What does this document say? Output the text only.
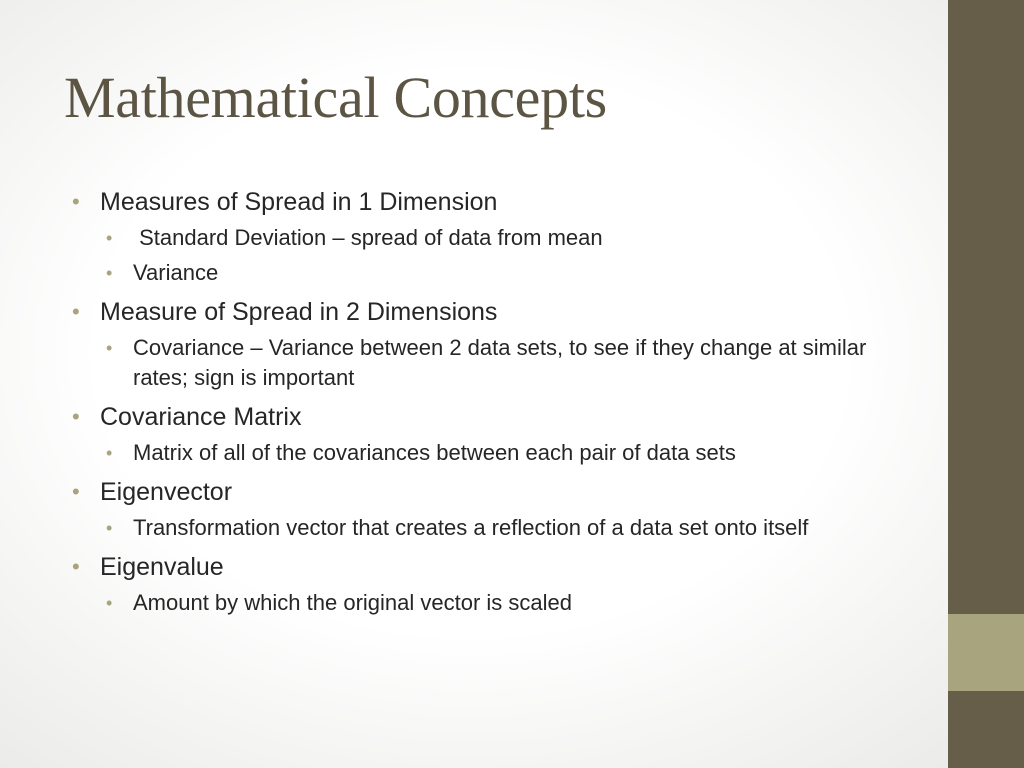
Mathematical Concepts
• Measures of Spread in 1 Dimension
•  Standard Deviation – spread of data from mean
• Variance
• Measure of Spread in 2 Dimensions
• Covariance – Variance between 2 data sets, to see if they change at similar rates; sign is important
• Covariance Matrix
• Matrix of all of the covariances between each pair of data sets
• Eigenvector
• Transformation vector that creates a reflection of a data set onto itself
• Eigenvalue
• Amount by which the original vector is scaled
